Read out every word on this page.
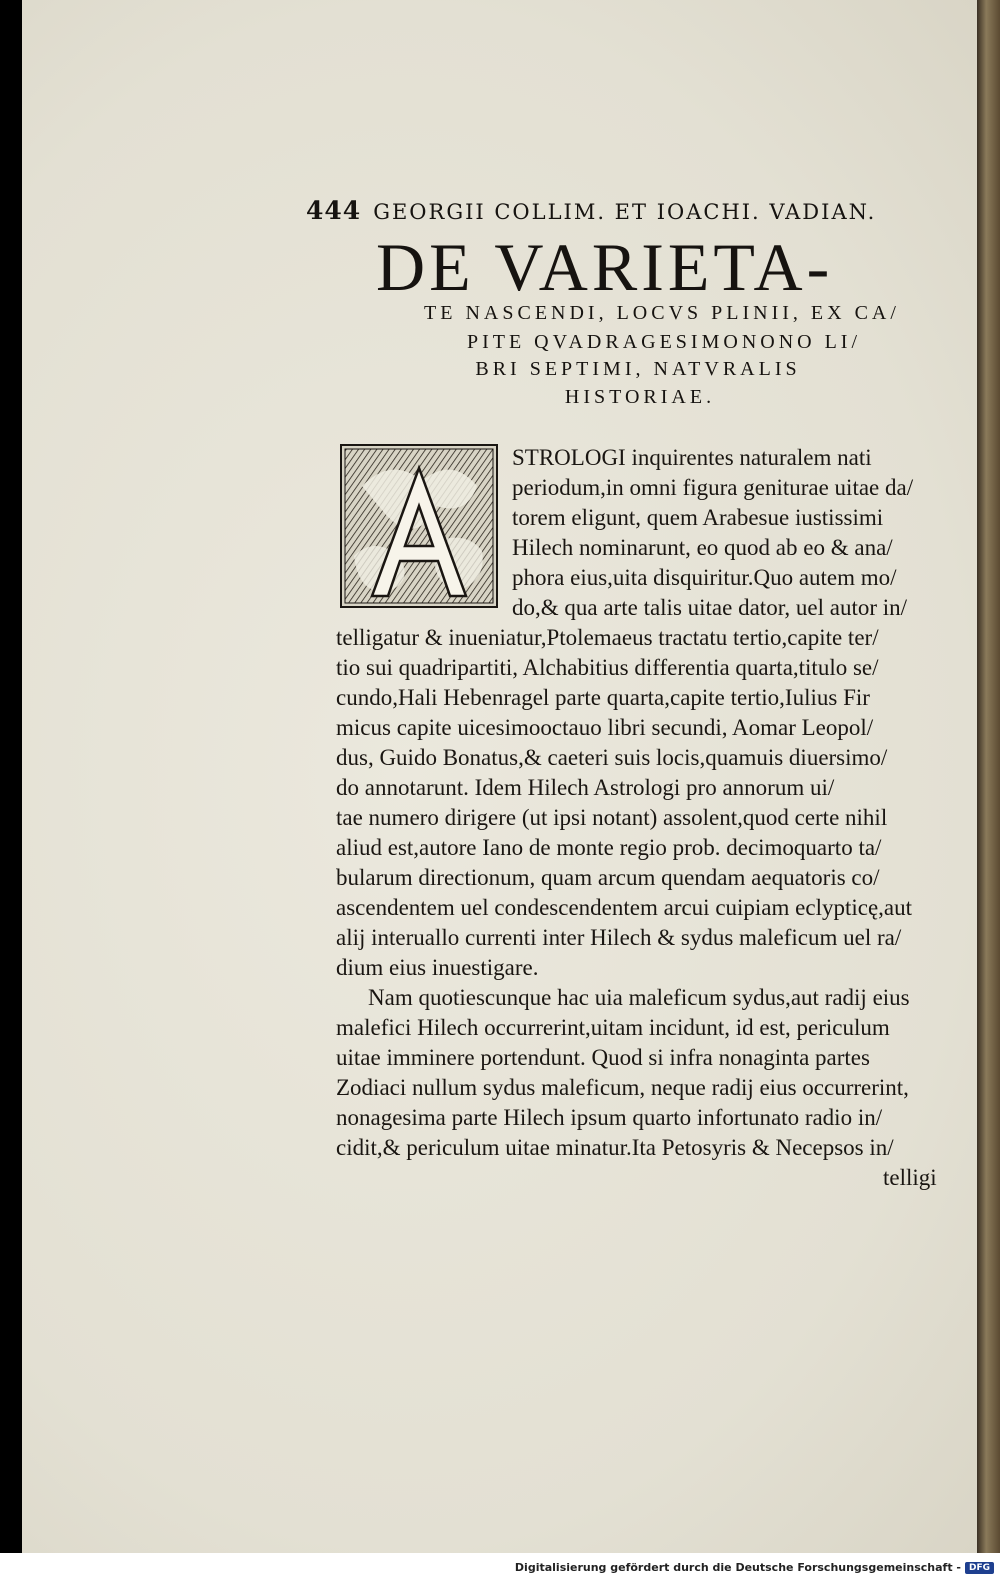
444 GEORGII COLLIM. ET IOACHI. VADIAN.
DE VARIETA-
TE NASCENDI, LOCVS PLINII, EX CA/
PITE QVADRAGESIMONONO LI/
BRI SEPTIMI, NATVRALIS
HISTORIAE.
STROLOGI inquirentes naturalem nati
periodum,in omni figura geniturae uitae da/
torem eligunt, quem Arabesue iustissimi
Hilech nominarunt, eo quod ab eo & ana/
phora eius,uita disquiritur.Quo autem mo/
do,& qua arte talis uitae dator, uel autor in/
telligatur & inueniatur,Ptolemaeus tractatu tertio,capite ter/
tio sui quadripartiti, Alchabitius differentia quarta,titulo se/
cundo,Hali Hebenragel parte quarta,capite tertio,Iulius Fir
micus capite uicesimooctauo libri secundi, Aomar Leopol/
dus, Guido Bonatus,& caeteri suis locis,quamuis diuersimo/
do annotarunt. Idem Hilech Astrologi pro annorum ui/
tae numero dirigere (ut ipsi notant) assolent,quod certe nihil
aliud est,autore Iano de monte regio prob. decimoquarto ta/
bularum directionum, quam arcum quendam aequatoris co/
ascendentem uel condescendentem arcui cuipiam eclypticę,aut
alij interuallo currenti inter Hilech & sydus maleficum uel ra/
dium eius inuestigare.
Nam quotiescunque hac uia maleficum sydus,aut radij eius
malefici Hilech occurrerint,uitam incidunt, id est, periculum
uitae imminere portendunt. Quod si infra nonaginta partes
Zodiaci nullum sydus maleficum, neque radij eius occurrerint,
nonagesima parte Hilech ipsum quarto infortunato radio in/
cidit,& periculum uitae minatur.Ita Petosyris & Necepsos in/
telligi
Digitalisierung gefördert durch die Deutsche Forschungsgemeinschaft - DFG
